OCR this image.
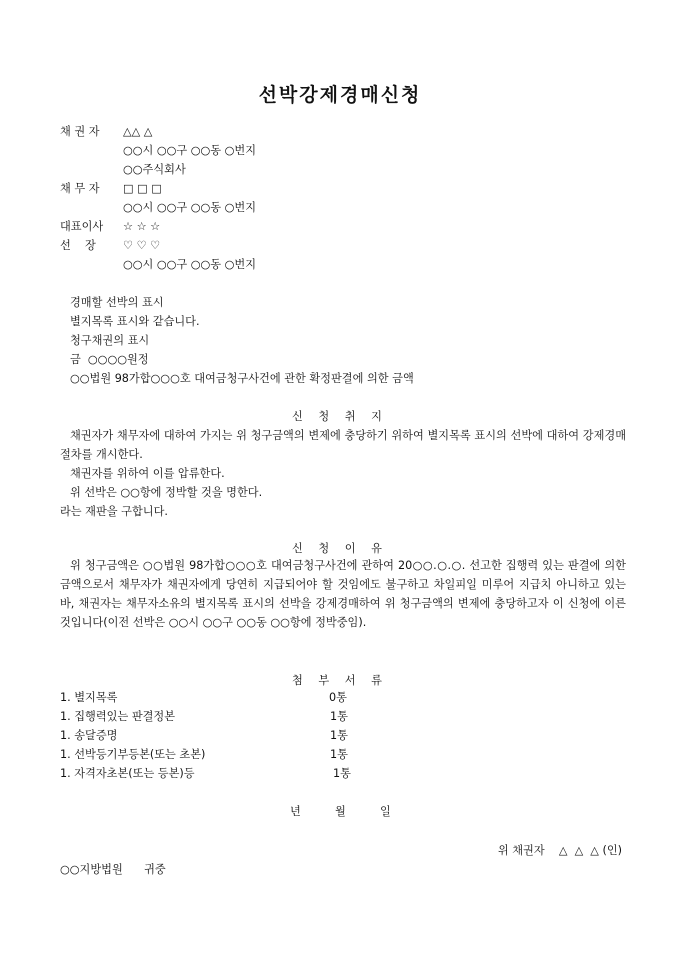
선박강제경매신청
채 권 자 △△ △
○○시 ○○구 ○○동 ○번지
○○주식회사
채 무 자 □ □ □
○○시 ○○구 ○○동 ○번지
대표이사 ☆ ☆ ☆
선    장 ♡ ♡ ♡
○○시 ○○구 ○○동 ○번지
경매할 선박의 표시
별지목록 표시와 같습니다.
청구채권의 표시
금  ○○○○원정
○○법원 98가합○○○호 대여금청구사건에 관한 확정판결에 의한 금액
신 청 취 지

채권자가 채무자에 대하여 가지는 위 청구금액의 변제에 충당하기 위하여 별지목록 표시의 선박에 대하여 강제경매절차를 개시한다.

채권자를 위하여 이를 압류한다.

위 선박은 ○○항에 정박할 것을 명한다.

라는 재판을 구합니다.

신 청 이 유

위 청구금액은 ○○법원 98가합○○○호 대여금청구사건에 관하여 20○○.○.○. 선고한 집행력 있는 판결에 의한 금액으로서 채무자가 채권자에게 당연히 지급되어야 할 것임에도 불구하고 차일피일 미루어 지급치 아니하고 있는 바, 채권자는 채무자소유의 별지목록 표시의 선박을 강제경매하여 위 청구금액의 변제에 충당하고자 이 신청에 이른 것입니다(이전 선박은 ○○시 ○○구 ○○동 ○○항에 정박중임).

첨 부 서 류
1. 별지목록	0통
1. 집행력있는 판결정본	1통
1. 송달증명	1통
1. 선박등기부등본(또는 초본)	1통
1. 자격자초본(또는 등본)등	1통
년	월	일
위 채권자    △  △  △ (인)
○○지방법원      귀중
